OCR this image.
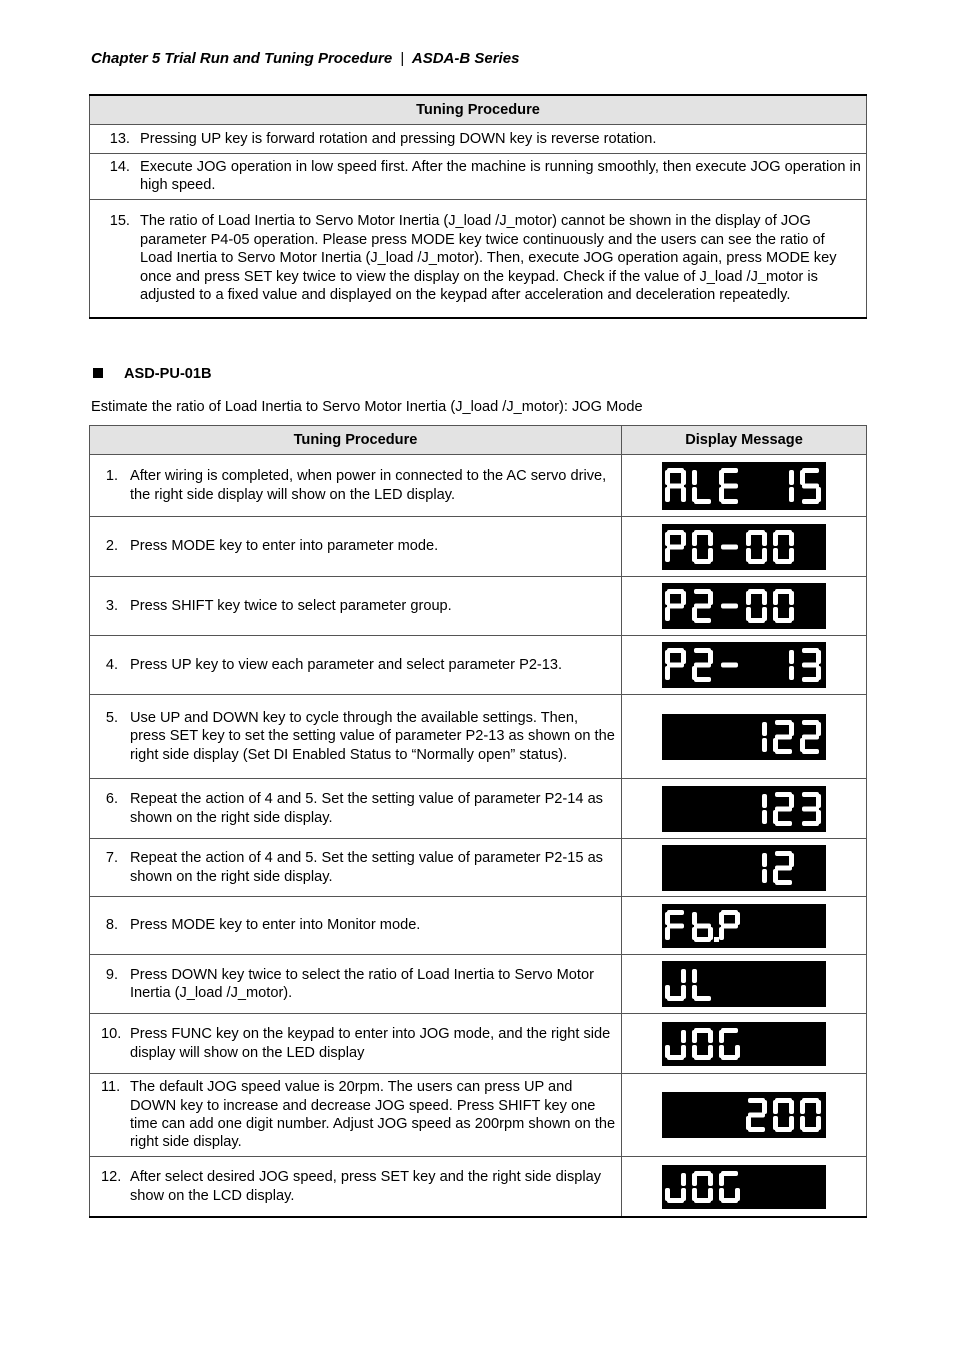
Chapter 5 Trial Run and Tuning Procedure | ASDA-B Series
Tuning Procedure

13. Pressing UP key is forward rotation and pressing DOWN key is reverse rotation.

14. Execute JOG operation in low speed first. After the machine is running smoothly, then execute JOG operation in high speed.

15. The ratio of Load Inertia to Servo Motor Inertia (J_load /J_motor) cannot be shown in the display of JOG parameter P4-05 operation. Please press MODE key twice continuously and the users can see the ratio of Load Inertia to Servo Motor Inertia (J_load /J_motor). Then, execute JOG operation again, press MODE key once and press SET key twice to view the display on the keypad. Check if the value of J_load /J_motor is adjusted to a fixed value and displayed on the keypad after acceleration and deceleration repeatedly.
ASD-PU-01B
Estimate the ratio of Load Inertia to Servo Motor Inertia (J_load /J_motor): JOG Mode
Tuning Procedure	Display Message

1. After wiring is completed, when power in connected to the AC servo drive, the right side display will show on the LED display.

2. Press MODE key to enter into parameter mode.

3. Press SHIFT key twice to select parameter group.

4. Press UP key to view each parameter and select parameter P2-13.

5. Use UP and DOWN key to cycle through the available settings. Then, press SET key to set the setting value of parameter P2-13 as shown on the right side display (Set DI Enabled Status to “Normally open” status).

6. Repeat the action of 4 and 5. Set the setting value of parameter P2-14 as shown on the right side display.

7. Repeat the action of 4 and 5. Set the setting value of parameter P2-15 as shown on the right side display.

8. Press MODE key to enter into Monitor mode.

9. Press DOWN key twice to select the ratio of Load Inertia to Servo Motor Inertia (J_load /J_motor).

10. Press FUNC key on the keypad to enter into JOG mode, and the right side display will show on the LED display

11. The default JOG speed value is 20rpm. The users can press UP and DOWN key to increase and decrease JOG speed. Press SHIFT key one time can add one digit number. Adjust JOG speed as 200rpm shown on the right side display.

12. After select desired JOG speed, press SET key and the right side display show on the LCD display.
